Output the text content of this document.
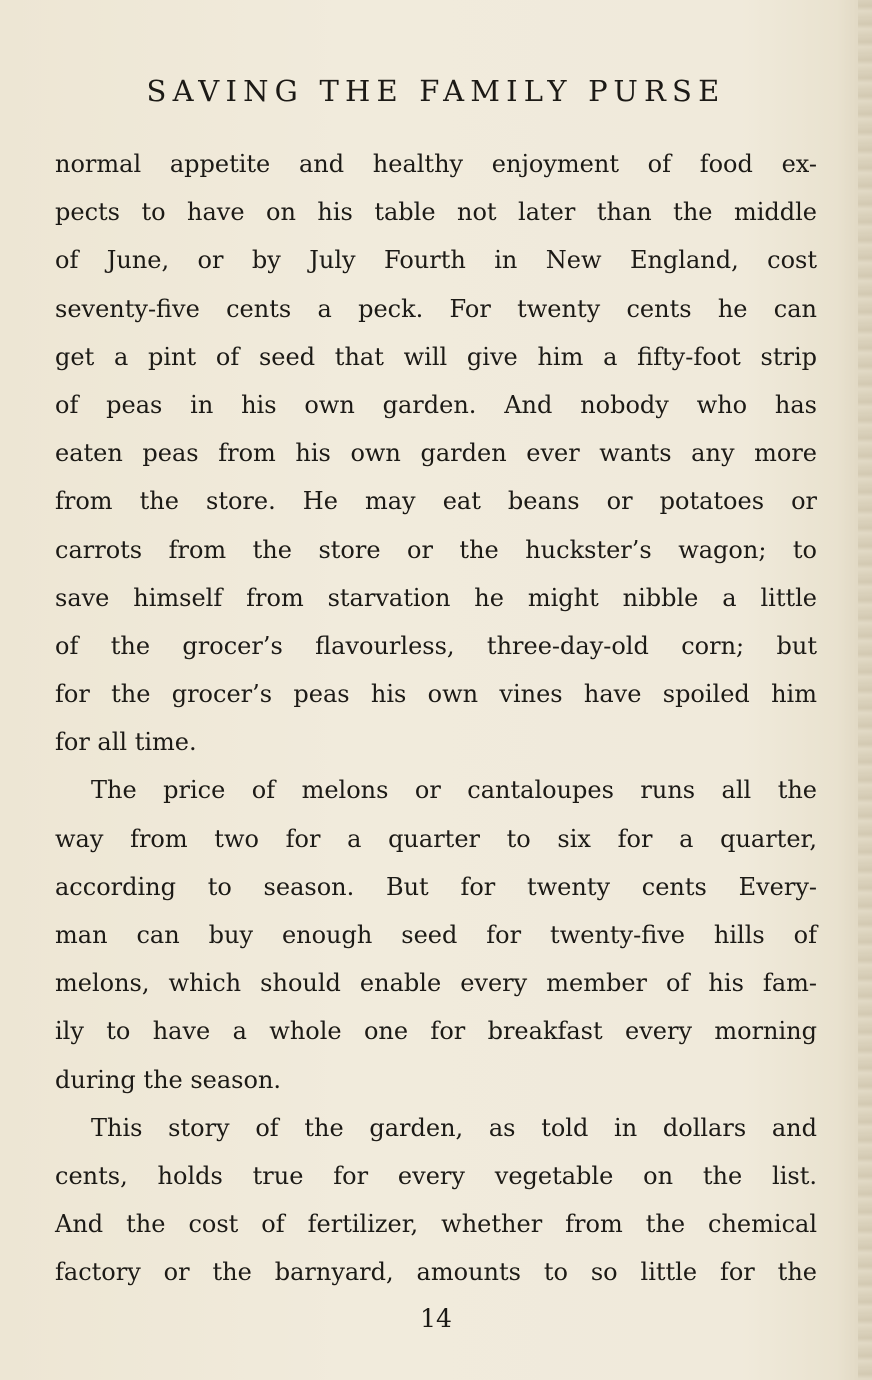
SAVING THE FAMILY PURSE
normal appetite and healthy enjoyment of food ex-
pects to have on his table not later than the middle
of June, or by July Fourth in New England, cost
seventy-five cents a peck. For twenty cents he can
get a pint of seed that will give him a fifty-foot strip
of peas in his own garden. And nobody who has
eaten peas from his own garden ever wants any more
from the store. He may eat beans or potatoes or
carrots from the store or the huckster’s wagon; to
save himself from starvation he might nibble a little
of the grocer’s flavourless, three-day-old corn; but
for the grocer’s peas his own vines have spoiled him
for all time.
The price of melons or cantaloupes runs all the
way from two for a quarter to six for a quarter,
according to season. But for twenty cents Every-
man can buy enough seed for twenty-five hills of
melons, which should enable every member of his fam-
ily to have a whole one for breakfast every morning
during the season.
This story of the garden, as told in dollars and
cents, holds true for every vegetable on the list.
And the cost of fertilizer, whether from the chemical
factory or the barnyard, amounts to so little for the
14
